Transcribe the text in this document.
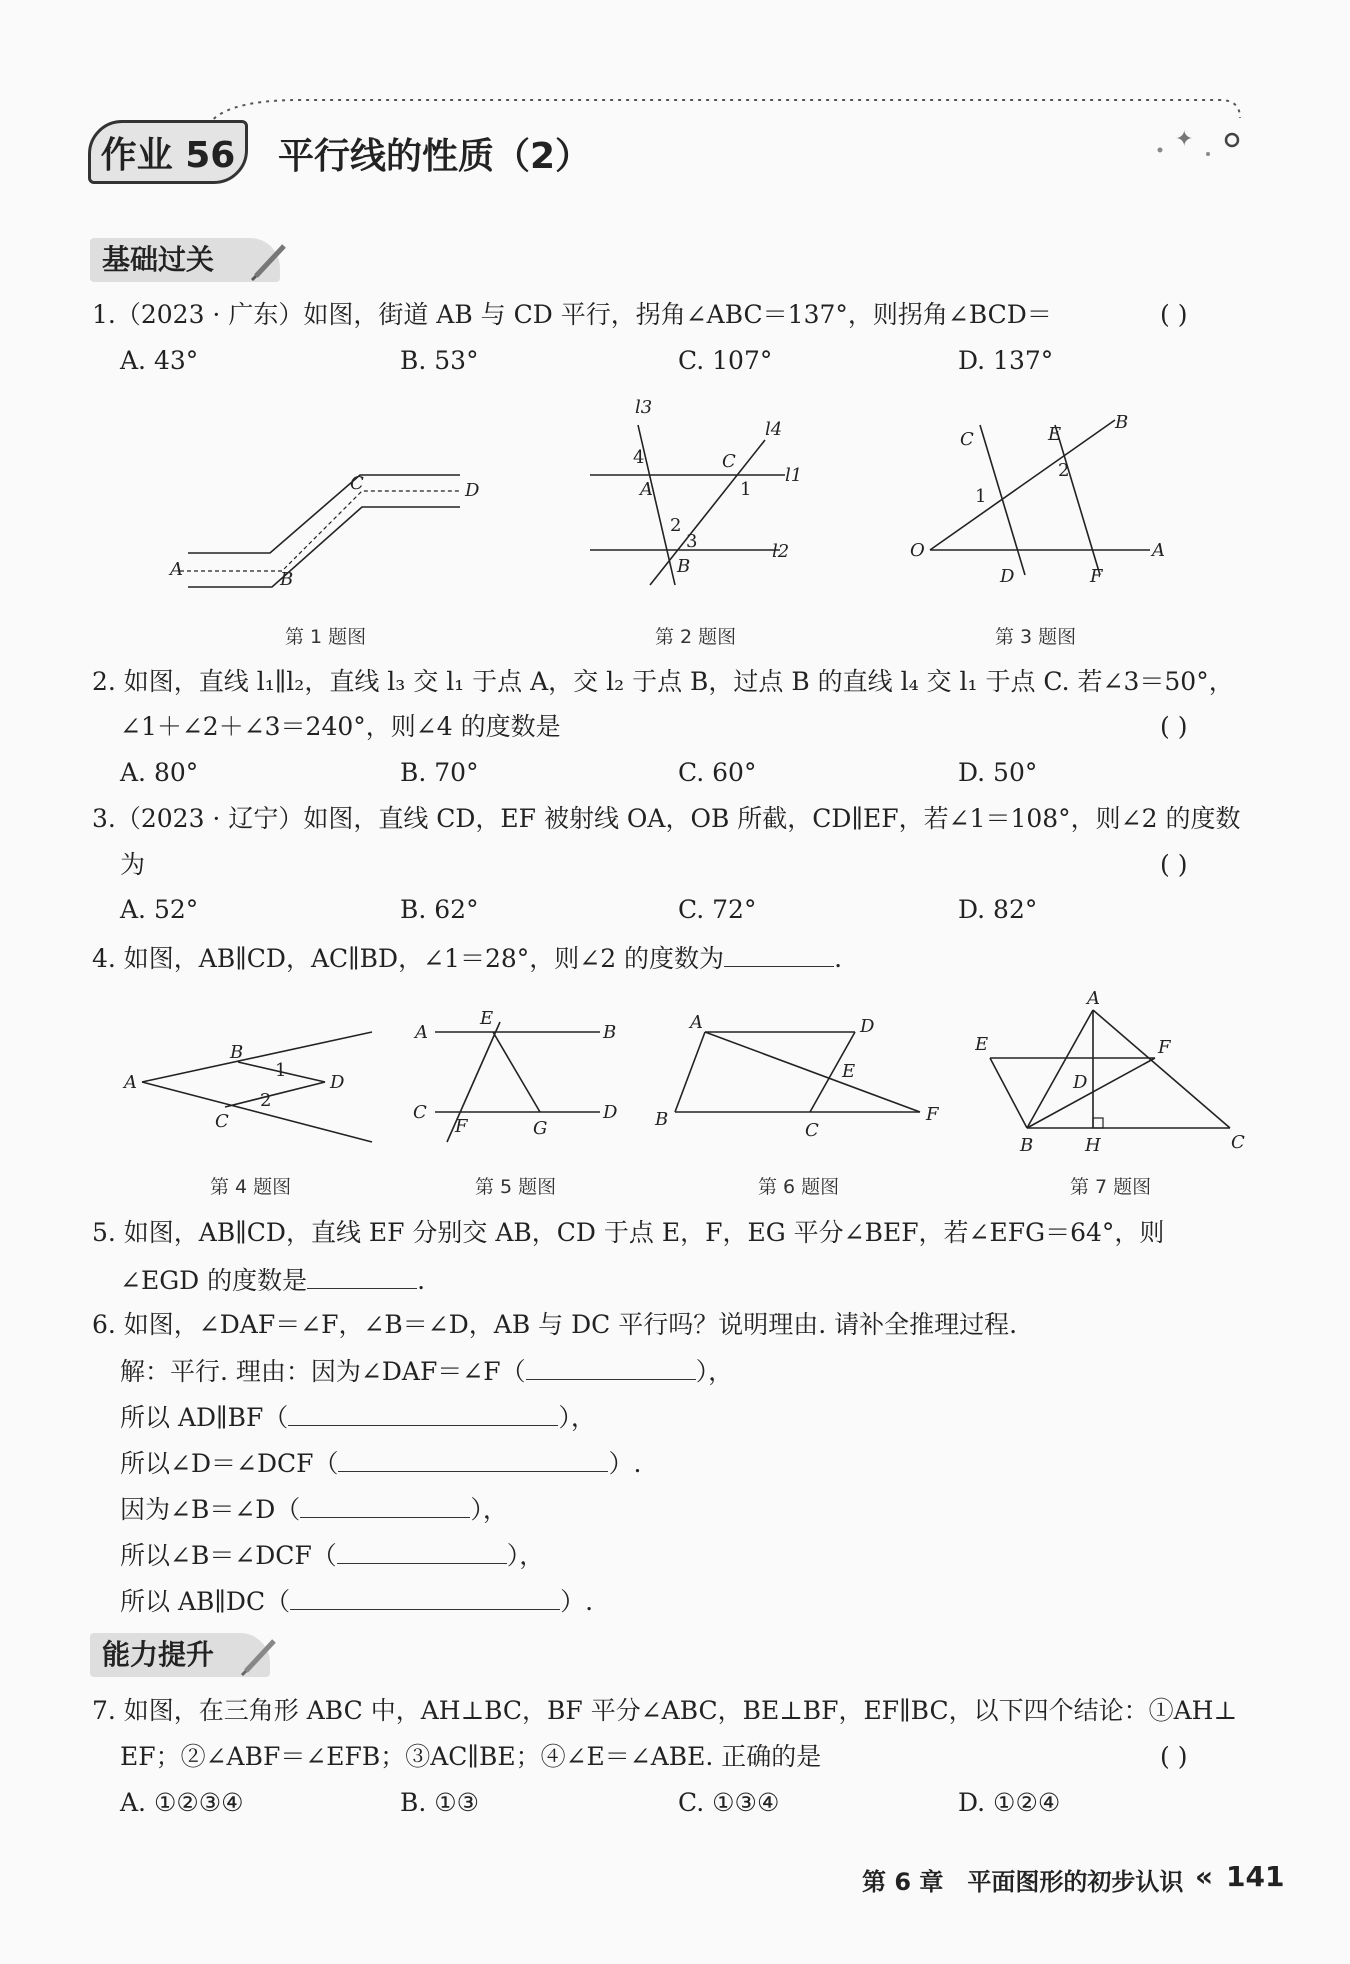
✦
作业 56	平行线的性质（2）
基础过关
1.（2023 · 广东）如图，街道 AB 与 CD 平行，拐角∠ABC＝137°，则拐角∠BCD＝	( )
A. 43°	B. 53°	C. 107°	D. 137°
A	B
C	D
第 1 题图
l3
l4
l1
l2
4
A
C
1
2
3
B
第 2 题图
C	E
B
2
1
O	A
D	F
第 3 题图
2. 如图，直线 l₁∥l₂，直线 l₃ 交 l₁ 于点 A，交 l₂ 于点 B，过点 B 的直线 l₄ 交 l₁ 于点 C. 若∠3＝50°，
∠1＋∠2＋∠3＝240°，则∠4 的度数是	( )
A. 80°	B. 70°	C. 60°	D. 50°
3.（2023 · 辽宁）如图，直线 CD，EF 被射线 OA，OB 所截，CD∥EF，若∠1＝108°，则∠2 的度数
为	( )
A. 52°	B. 62°	C. 72°	D. 82°
4. 如图，AB∥CD，AC∥BD，∠1＝28°，则∠2 的度数为	.
B
1
A	D
C
2
第 4 题图
A
E
B
C
F	G
D
第 5 题图
A	D
E
B
C
F
第 6 题图
A
E	F
D
B	H	C
第 7 题图
5. 如图，AB∥CD，直线 EF 分别交 AB，CD 于点 E，F，EG 平分∠BEF，若∠EFG＝64°，则
∠EGD 的度数是	.
6. 如图，∠DAF＝∠F，∠B＝∠D，AB 与 DC 平行吗？说明理由. 请补全推理过程.
解：平行. 理由：因为∠DAF＝∠F（	），
所以 AD∥BF（	），
所以∠D＝∠DCF（	）.
因为∠B＝∠D（	），
所以∠B＝∠DCF（	），
所以 AB∥DC（	）.
能力提升
7. 如图，在三角形 ABC 中，AH⊥BC，BF 平分∠ABC，BE⊥BF，EF∥BC，以下四个结论：①AH⊥
EF；②∠ABF＝∠EFB；③AC∥BE；④∠E＝∠ABE. 正确的是	( )
A. ①②③④	B. ①③	C. ①③④	D. ①②④
第 6 章　平面图形的初步认识 « 141
